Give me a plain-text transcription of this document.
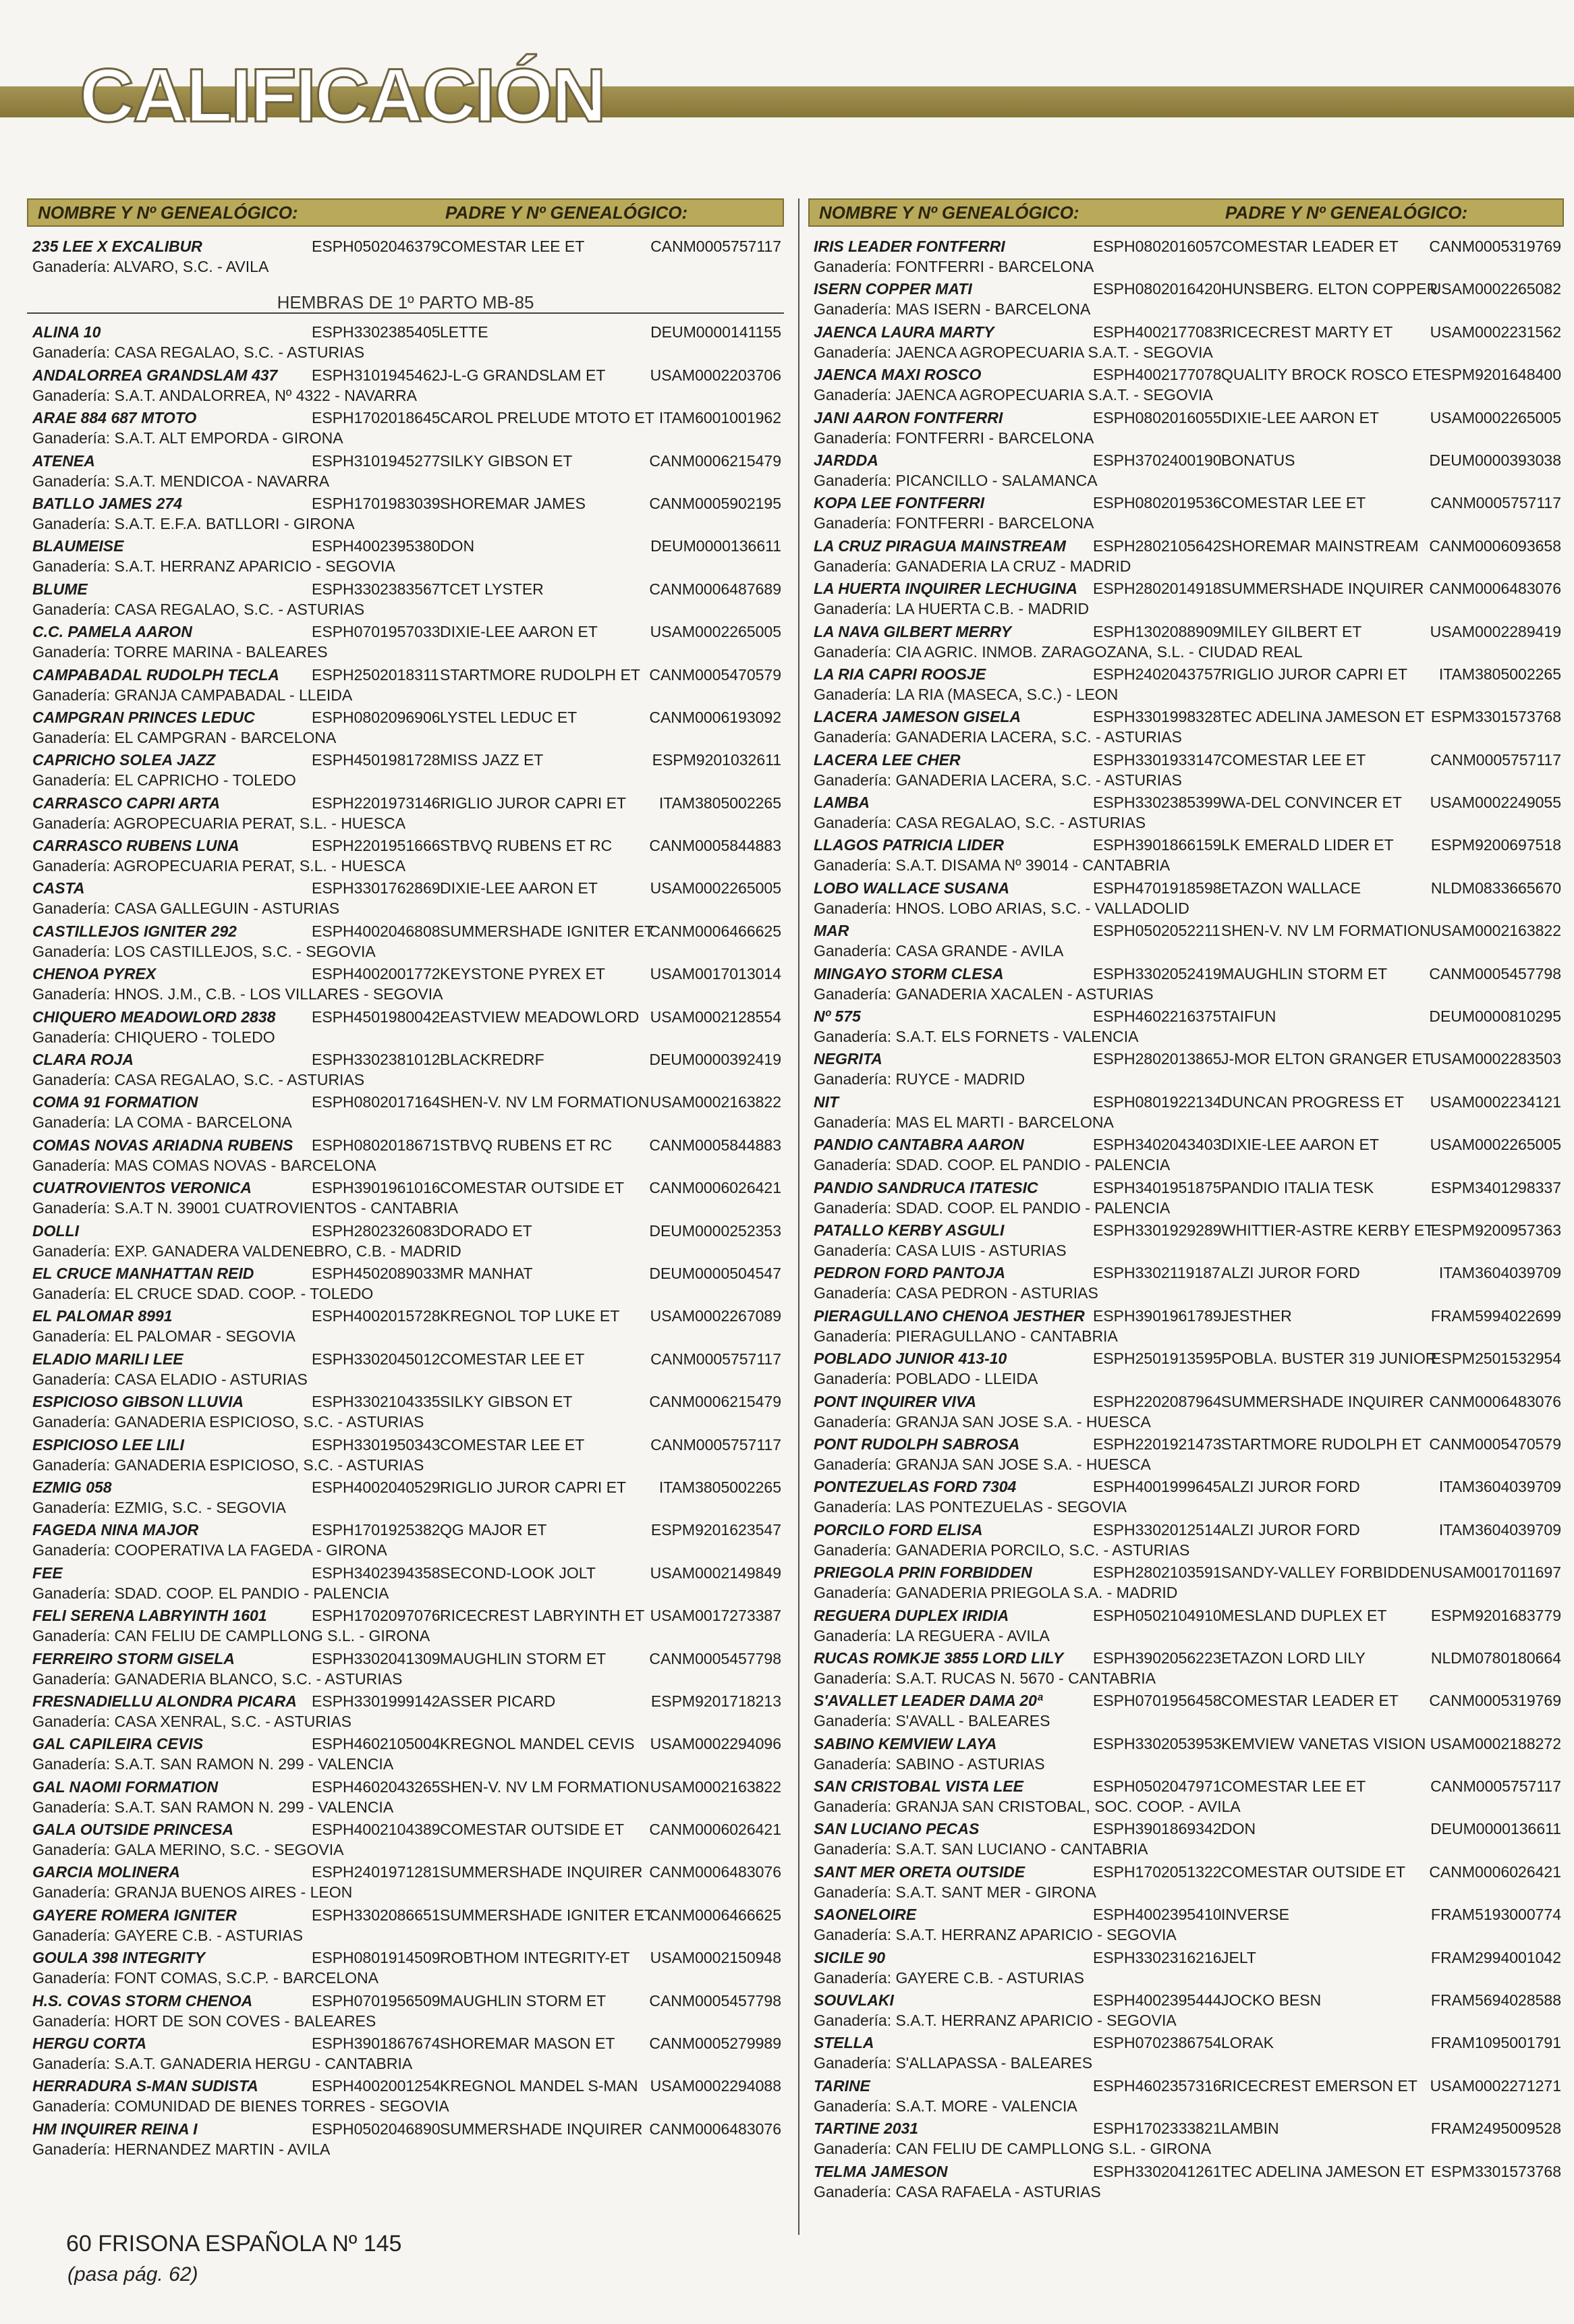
CALIFICACIÓN
NOMBRE Y Nº GENEALÓGICO:	PADRE Y Nº GENEALÓGICO:
235 LEE X EXCALIBUR	ESPH0502046379 COMESTAR LEE ET	CANM0005757117
Ganadería: ALVARO, S.C. - AVILA
HEMBRAS DE 1º PARTO MB-85
ALINA 10	ESPH3302385405 LETTE	DEUM0000141155
Ganadería: CASA REGALAO, S.C. - ASTURIAS
ANDALORREA GRANDSLAM 437 ESPH3101945462 J-L-G GRANDSLAM ET	USAM0002203706
Ganadería: S.A.T. ANDALORREA, Nº 4322 - NAVARRA
ARAE 884 687 MTOTO	ESPH1702018645 CAROL PRELUDE MTOTO ET ITAM6001001962
Ganadería: S.A.T. ALT EMPORDA - GIRONA
ATENEA	ESPH3101945277 SILKY GIBSON ET	CANM0006215479
Ganadería: S.A.T. MENDICOA - NAVARRA
BATLLO JAMES 274	ESPH1701983039 SHOREMAR JAMES	CANM0005902195
Ganadería: S.A.T. E.F.A. BATLLORI - GIRONA
BLAUMEISE	ESPH4002395380 DON	DEUM0000136611
Ganadería: S.A.T. HERRANZ APARICIO - SEGOVIA
BLUME	ESPH3302383567 TCET LYSTER	CANM0006487689
Ganadería: CASA REGALAO, S.C. - ASTURIAS
C.C. PAMELA AARON	ESPH0701957033 DIXIE-LEE AARON ET	USAM0002265005
Ganadería: TORRE MARINA - BALEARES
CAMPABADAL RUDOLPH TECLA ESPH2502018311 STARTMORE RUDOLPH ET CANM0005470579
Ganadería: GRANJA CAMPABADAL - LLEIDA
CAMPGRAN PRINCES LEDUC	ESPH0802096906 LYSTEL LEDUC ET	CANM0006193092
Ganadería: EL CAMPGRAN - BARCELONA
CAPRICHO SOLEA JAZZ	ESPH4501981728 MISS JAZZ ET	ESPM9201032611
Ganadería: EL CAPRICHO - TOLEDO
CARRASCO CAPRI ARTA	ESPH2201973146 RIGLIO JUROR CAPRI ET ITAM3805002265
Ganadería: AGROPECUARIA PERAT, S.L. - HUESCA
CARRASCO RUBENS LUNA	ESPH2201951666 STBVQ RUBENS ET RC CANM0005844883
Ganadería: AGROPECUARIA PERAT, S.L. - HUESCA
CASTA	ESPH3301762869 DIXIE-LEE AARON ET	USAM0002265005
Ganadería: CASA GALLEGUIN - ASTURIAS
CASTILLEJOS IGNITER 292	ESPH4002046808 SUMMERSHADE IGNITER ET
CANM0006466625
Ganadería: LOS CASTILLEJOS, S.C. - SEGOVIA
CHENOA PYREX	ESPH4002001772 KEYSTONE PYREX ET	USAM0017013014
Ganadería: HNOS. J.M., C.B. - LOS VILLARES - SEGOVIA
CHIQUERO MEADOWLORD 2838 ESPH4501980042 EASTVIEW MEADOWLORD USAM0002128554
Ganadería: CHIQUERO - TOLEDO
CLARA ROJA	ESPH3302381012 BLACKREDRF	DEUM0000392419
Ganadería: CASA REGALAO, S.C. - ASTURIAS
COMA 91 FORMATION	ESPH0802017164 SHEN-V. NV LM FORMATION USAM0002163822
Ganadería: LA COMA - BARCELONA
COMAS NOVAS ARIADNA RUBENS ESPH0802018671 STBVQ RUBENS ET RC CANM0005844883
Ganadería: MAS COMAS NOVAS - BARCELONA
CUATROVIENTOS VERONICA	ESPH3901961016 COMESTAR OUTSIDE ET CANM0006026421
Ganadería: S.A.T N. 39001 CUATROVIENTOS - CANTABRIA
DOLLI	ESPH2802326083 DORADO ET	DEUM0000252353
Ganadería: EXP. GANADERA VALDENEBRO, C.B. - MADRID
EL CRUCE MANHATTAN REID	ESPH4502089033 MR MANHAT	DEUM0000504547
Ganadería: EL CRUCE SDAD. COOP. - TOLEDO
EL PALOMAR 8991	ESPH4002015728 KREGNOL TOP LUKE ET USAM0002267089
Ganadería: EL PALOMAR - SEGOVIA
ELADIO MARILI LEE	ESPH3302045012 COMESTAR LEE ET	CANM0005757117
Ganadería: CASA ELADIO - ASTURIAS
ESPICIOSO GIBSON LLUVIA	ESPH3302104335 SILKY GIBSON ET	CANM0006215479
Ganadería: GANADERIA ESPICIOSO, S.C. - ASTURIAS
ESPICIOSO LEE LILI	ESPH3301950343 COMESTAR LEE ET	CANM0005757117
Ganadería: GANADERIA ESPICIOSO, S.C. - ASTURIAS
EZMIG 058	ESPH4002040529 RIGLIO JUROR CAPRI ET ITAM3805002265
Ganadería: EZMIG, S.C. - SEGOVIA
FAGEDA NINA MAJOR	ESPH1701925382 QG MAJOR ET	ESPM9201623547
Ganadería: COOPERATIVA LA FAGEDA - GIRONA
FEE	ESPH3402394358 SECOND-LOOK JOLT	USAM0002149849
Ganadería: SDAD. COOP. EL PANDIO - PALENCIA
FELI SERENA LABRYINTH 1601	ESPH1702097076 RICECREST LABRYINTH ET USAM0017273387
Ganadería: CAN FELIU DE CAMPLLONG S.L. - GIRONA
FERREIRO STORM GISELA	ESPH3302041309 MAUGHLIN STORM ET	CANM0005457798
Ganadería: GANADERIA BLANCO, S.C. - ASTURIAS
FRESNADIELLU ALONDRA PICARA ESPH3301999142 ASSER PICARD	ESPM9201718213
Ganadería: CASA XENRAL, S.C. - ASTURIAS
GAL CAPILEIRA CEVIS	ESPH4602105004 KREGNOL MANDEL CEVIS USAM0002294096
Ganadería: S.A.T. SAN RAMON N. 299 - VALENCIA
GAL NAOMI FORMATION	ESPH4602043265 SHEN-V. NV LM FORMATION USAM0002163822
Ganadería: S.A.T. SAN RAMON N. 299 - VALENCIA
GALA OUTSIDE PRINCESA	ESPH4002104389 COMESTAR OUTSIDE ET CANM0006026421
Ganadería: GALA MERINO, S.C. - SEGOVIA
GARCIA MOLINERA	ESPH2401971281 SUMMERSHADE INQUIRER CANM0006483076
Ganadería: GRANJA BUENOS AIRES - LEON
GAYERE ROMERA IGNITER	ESPH3302086651 SUMMERSHADE IGNITER ET
CANM0006466625
Ganadería: GAYERE C.B. - ASTURIAS
GOULA 398 INTEGRITY	ESPH0801914509 ROBTHOM INTEGRITY-ET USAM0002150948
Ganadería: FONT COMAS, S.C.P. - BARCELONA
H.S. COVAS STORM CHENOA	ESPH0701956509 MAUGHLIN STORM ET	CANM0005457798
Ganadería: HORT DE SON COVES - BALEARES
HERGU CORTA	ESPH3901867674 SHOREMAR MASON ET CANM0005279989
Ganadería: S.A.T. GANADERIA HERGU - CANTABRIA
HERRADURA S-MAN SUDISTA	ESPH4002001254 KREGNOL MANDEL S-MAN USAM0002294088
Ganadería: COMUNIDAD DE BIENES TORRES - SEGOVIA
HM INQUIRER REINA I	ESPH0502046890 SUMMERSHADE INQUIRER CANM0006483076
Ganadería: HERNANDEZ MARTIN - AVILA
NOMBRE Y Nº GENEALÓGICO:	PADRE Y Nº GENEALÓGICO:
IRIS LEADER FONTFERRI	ESPH0802016057 COMESTAR LEADER ET CANM0005319769
Ganadería: FONTFERRI - BARCELONA
ISERN COPPER MATI	ESPH0802016420 HUNSBERG. ELTON COPPER
USAM0002265082
Ganadería: MAS ISERN - BARCELONA
JAENCA LAURA MARTY	ESPH4002177083 RICECREST MARTY ET USAM0002231562
Ganadería: JAENCA AGROPECUARIA S.A.T. - SEGOVIA
JAENCA MAXI ROSCO	ESPH4002177078 QUALITY BROCK ROSCO ET
ESPM9201648400
Ganadería: JAENCA AGROPECUARIA S.A.T. - SEGOVIA
JANI AARON FONTFERRI	ESPH0802016055 DIXIE-LEE AARON ET	USAM0002265005
Ganadería: FONTFERRI - BARCELONA
JARDDA	ESPH3702400190 BONATUS	DEUM0000393038
Ganadería: PICANCILLO - SALAMANCA
KOPA LEE FONTFERRI	ESPH0802019536 COMESTAR LEE ET	CANM0005757117
Ganadería: FONTFERRI - BARCELONA
LA CRUZ PIRAGUA MAINSTREAM ESPH2802105642 SHOREMAR MAINSTREAM CANM0006093658
Ganadería: GANADERIA LA CRUZ - MADRID
LA HUERTA INQUIRER LECHUGINA ESPH2802014918 SUMMERSHADE INQUIRER CANM0006483076
Ganadería: LA HUERTA C.B. - MADRID
LA NAVA GILBERT MERRY	ESPH1302088909 MILEY GILBERT ET	USAM0002289419
Ganadería: CIA AGRIC. INMOB. ZARAGOZANA, S.L. - CIUDAD REAL
LA RIA CAPRI ROOSJE	ESPH2402043757 RIGLIO JUROR CAPRI ET ITAM3805002265
Ganadería: LA RIA (MASECA, S.C.) - LEON
LACERA JAMESON GISELA	ESPH3301998328 TEC ADELINA JAMESON ET ESPM3301573768
Ganadería: GANADERIA LACERA, S.C. - ASTURIAS
LACERA LEE CHER	ESPH3301933147 COMESTAR LEE ET	CANM0005757117
Ganadería: GANADERIA LACERA, S.C. - ASTURIAS
LAMBA	ESPH3302385399 WA-DEL CONVINCER ET USAM0002249055
Ganadería: CASA REGALAO, S.C. - ASTURIAS
LLAGOS PATRICIA LIDER	ESPH3901866159 LK EMERALD LIDER ET ESPM9200697518
Ganadería: S.A.T. DISAMA Nº 39014 - CANTABRIA
LOBO WALLACE SUSANA	ESPH4701918598 ETAZON WALLACE	NLDM0833665670
Ganadería: HNOS. LOBO ARIAS, S.C. - VALLADOLID
MAR	ESPH0502052211 SHEN-V. NV LM FORMATION USAM0002163822
Ganadería: CASA GRANDE - AVILA
MINGAYO STORM CLESA	ESPH3302052419 MAUGHLIN STORM ET	CANM0005457798
Ganadería: GANADERIA XACALEN - ASTURIAS
Nº 575	ESPH4602216375 TAIFUN	DEUM0000810295
Ganadería: S.A.T. ELS FORNETS - VALENCIA
NEGRITA	ESPH2802013865 J-MOR ELTON GRANGER ET
USAM0002283503
Ganadería: RUYCE - MADRID
NIT	ESPH0801922134 DUNCAN PROGRESS ET USAM0002234121
Ganadería: MAS EL MARTI - BARCELONA
PANDIO CANTABRA AARON	ESPH3402043403 DIXIE-LEE AARON ET	USAM0002265005
Ganadería: SDAD. COOP. EL PANDIO - PALENCIA
PANDIO SANDRUCA ITATESIC	ESPH3401951875 PANDIO ITALIA TESK	ESPM3401298337
Ganadería: SDAD. COOP. EL PANDIO - PALENCIA
PATALLO KERBY ASGULI	ESPH3301929289 WHITTIER-ASTRE KERBY ET
ESPM9200957363
Ganadería: CASA LUIS - ASTURIAS
PEDRON FORD PANTOJA	ESPH3302119187 ALZI JUROR FORD	ITAM3604039709
Ganadería: CASA PEDRON - ASTURIAS
PIERAGULLANO CHENOA JESTHER ESPH3901961789 JESTHER	FRAM5994022699
Ganadería: PIERAGULLANO - CANTABRIA
POBLADO JUNIOR 413-10	ESPH2501913595 POBLA. BUSTER 319 JUNIOR
ESPM2501532954
Ganadería: POBLADO - LLEIDA
PONT INQUIRER VIVA	ESPH2202087964 SUMMERSHADE INQUIRER CANM0006483076
Ganadería: GRANJA SAN JOSE S.A. - HUESCA
PONT RUDOLPH SABROSA	ESPH2201921473 STARTMORE RUDOLPH ET CANM0005470579
Ganadería: GRANJA SAN JOSE S.A. - HUESCA
PONTEZUELAS FORD 7304	ESPH4001999645 ALZI JUROR FORD	ITAM3604039709
Ganadería: LAS PONTEZUELAS - SEGOVIA
PORCILO FORD ELISA	ESPH3302012514 ALZI JUROR FORD	ITAM3604039709
Ganadería: GANADERIA PORCILO, S.C. - ASTURIAS
PRIEGOLA PRIN FORBIDDEN	ESPH2802103591 SANDY-VALLEY FORBIDDEN USAM0017011697
Ganadería: GANADERIA PRIEGOLA S.A. - MADRID
REGUERA DUPLEX IRIDIA	ESPH0502104910 MESLAND DUPLEX ET	ESPM9201683779
Ganadería: LA REGUERA - AVILA
RUCAS ROMKJE 3855 LORD LILY ESPH3902056223 ETAZON LORD LILY	NLDM0780180664
Ganadería: S.A.T. RUCAS N. 5670 - CANTABRIA
S'AVALLET LEADER DAMA 20ª	ESPH0701956458 COMESTAR LEADER ET CANM0005319769
Ganadería: S'AVALL - BALEARES
SABINO KEMVIEW LAYA	ESPH3302053953 KEMVIEW VANETAS VISION USAM0002188272
Ganadería: SABINO - ASTURIAS
SAN CRISTOBAL VISTA LEE	ESPH0502047971 COMESTAR LEE ET	CANM0005757117
Ganadería: GRANJA SAN CRISTOBAL, SOC. COOP. - AVILA
SAN LUCIANO PECAS	ESPH3901869342 DON	DEUM0000136611
Ganadería: S.A.T. SAN LUCIANO - CANTABRIA
SANT MER ORETA OUTSIDE	ESPH1702051322 COMESTAR OUTSIDE ET CANM0006026421
Ganadería: S.A.T. SANT MER - GIRONA
SAONELOIRE	ESPH4002395410 INVERSE	FRAM5193000774
Ganadería: S.A.T. HERRANZ APARICIO - SEGOVIA
SICILE 90	ESPH3302316216 JELT	FRAM2994001042
Ganadería: GAYERE C.B. - ASTURIAS
SOUVLAKI	ESPH4002395444 JOCKO BESN	FRAM5694028588
Ganadería: S.A.T. HERRANZ APARICIO - SEGOVIA
STELLA	ESPH0702386754 LORAK	FRAM1095001791
Ganadería: S'ALLAPASSA - BALEARES
TARINE	ESPH4602357316 RICECREST EMERSON ET USAM0002271271
Ganadería: S.A.T. MORE - VALENCIA
TARTINE 2031	ESPH1702333821 LAMBIN	FRAM2495009528
Ganadería: CAN FELIU DE CAMPLLONG S.L. - GIRONA
TELMA JAMESON	ESPH3302041261 TEC ADELINA JAMESON ET ESPM3301573768
Ganadería: CASA RAFAELA - ASTURIAS
60 FRISONA ESPAÑOLA Nº 145
(pasa pág. 62)
